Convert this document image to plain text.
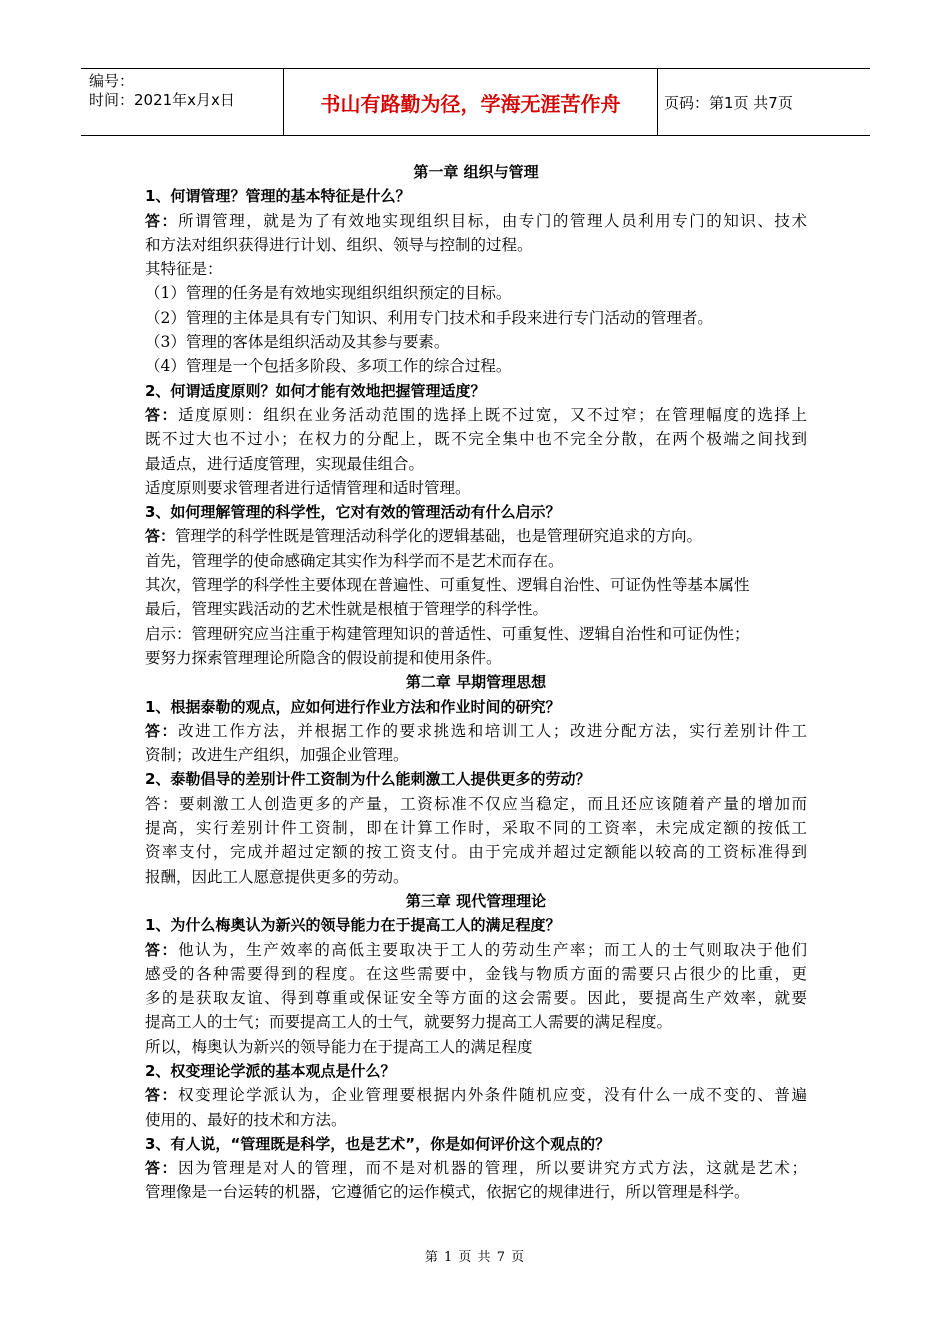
编号：
时间：2021年x月x日	书山有路勤为径，学海无涯苦作舟	页码：第1页 共7页
第一章 组织与管理
1、何谓管理？管理的基本特征是什么？
答：所谓管理，就是为了有效地实现组织目标，由专门的管理人员利用专门的知识、技术
和方法对组织获得进行计划、组织、领导与控制的过程。
其特征是：
（1）管理的任务是有效地实现组织组织预定的目标。
（2）管理的主体是具有专门知识、利用专门技术和手段来进行专门活动的管理者。
（3）管理的客体是组织活动及其参与要素。
（4）管理是一个包括多阶段、多项工作的综合过程。
2、何谓适度原则？如何才能有效地把握管理适度？
答：适度原则：组织在业务活动范围的选择上既不过宽，又不过窄；在管理幅度的选择上
既不过大也不过小；在权力的分配上，既不完全集中也不完全分散，在两个极端之间找到
最适点，进行适度管理，实现最佳组合。
适度原则要求管理者进行适情管理和适时管理。
3、如何理解管理的科学性，它对有效的管理活动有什么启示？
答：管理学的科学性既是管理活动科学化的逻辑基础，也是管理研究追求的方向。
首先，管理学的使命感确定其实作为科学而不是艺术而存在。
其次，管理学的科学性主要体现在普遍性、可重复性、逻辑自治性、可证伪性等基本属性
最后，管理实践活动的艺术性就是根植于管理学的科学性。
启示：管理研究应当注重于构建管理知识的普适性、可重复性、逻辑自治性和可证伪性；
要努力探索管理理论所隐含的假设前提和使用条件。
第二章 早期管理思想
1、根据泰勒的观点，应如何进行作业方法和作业时间的研究？
答：改进工作方法，并根据工作的要求挑选和培训工人；改进分配方法，实行差别计件工
资制；改进生产组织，加强企业管理。
2、泰勒倡导的差别计件工资制为什么能刺激工人提供更多的劳动？
答：要刺激工人创造更多的产量，工资标准不仅应当稳定，而且还应该随着产量的增加而
提高，实行差别计件工资制，即在计算工作时，采取不同的工资率，未完成定额的按低工
资率支付，完成并超过定额的按工资支付。由于完成并超过定额能以较高的工资标准得到
报酬，因此工人愿意提供更多的劳动。
第三章 现代管理理论
1、为什么梅奥认为新兴的领导能力在于提高工人的满足程度？
答：他认为，生产效率的高低主要取决于工人的劳动生产率；而工人的士气则取决于他们
感受的各种需要得到的程度。在这些需要中，金钱与物质方面的需要只占很少的比重，更
多的是获取友谊、得到尊重或保证安全等方面的这会需要。因此，要提高生产效率，就要
提高工人的士气；而要提高工人的士气，就要努力提高工人需要的满足程度。
所以，梅奥认为新兴的领导能力在于提高工人的满足程度
2、权变理论学派的基本观点是什么？
答：权变理论学派认为，企业管理要根据内外条件随机应变，没有什么一成不变的、普遍
使用的、最好的技术和方法。
3、有人说，“管理既是科学，也是艺术”，你是如何评价这个观点的？
答：因为管理是对人的管理，而不是对机器的管理，所以要讲究方式方法，这就是艺术；
管理像是一台运转的机器，它遵循它的运作模式，依据它的规律进行，所以管理是科学。
第 1 页 共 7 页
